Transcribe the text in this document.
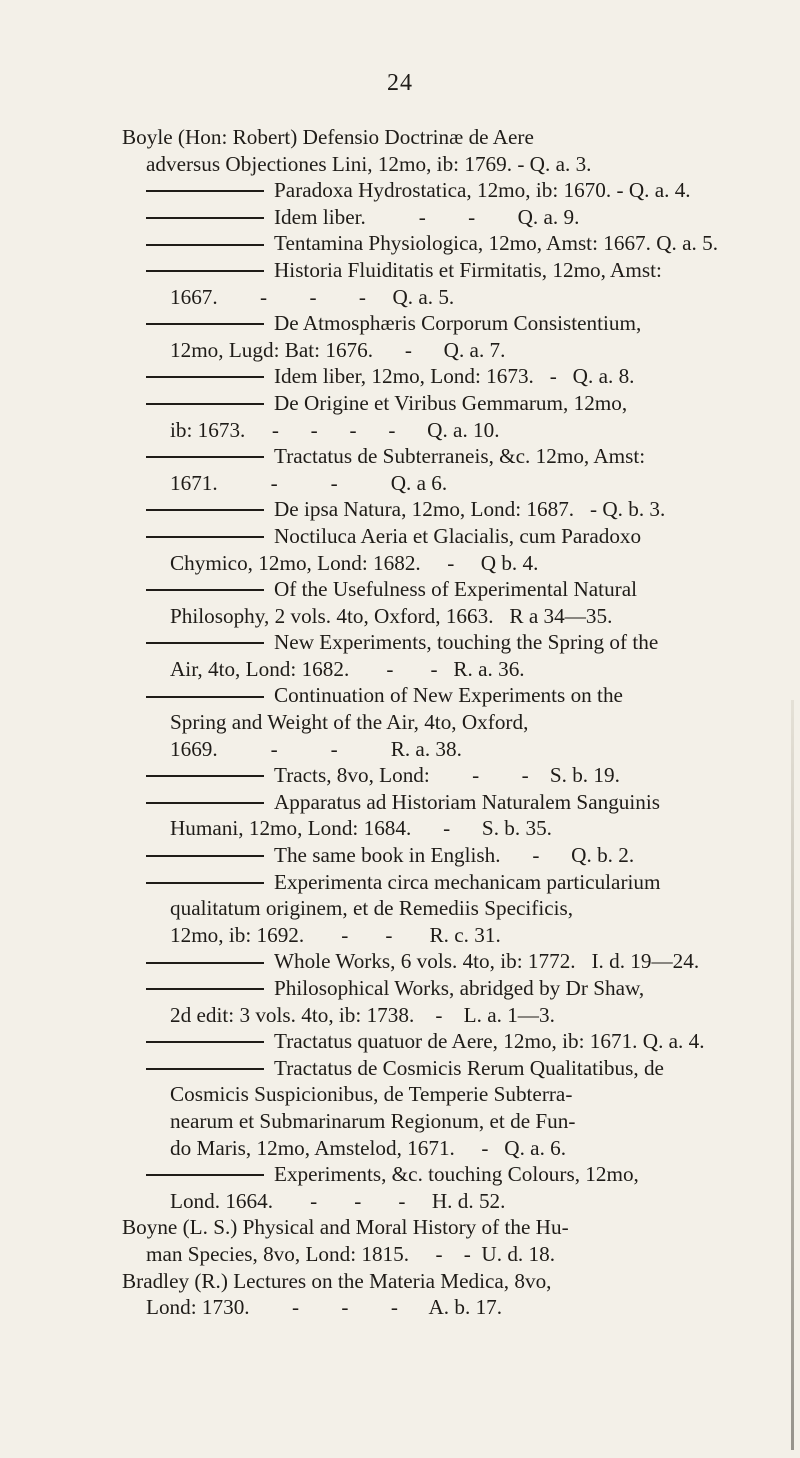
24
Boyle (Hon: Robert) Defensio Doctrinæ de Aere
adversus Objectiones Lini, 12mo, ib: 1769. - Q. a. 3.
Paradoxa Hydrostatica, 12mo, ib: 1670. - Q. a. 4.
Idem liber.          -        -        Q. a. 9.
Tentamina Physiologica, 12mo, Amst: 1667. Q. a. 5.
Historia Fluiditatis et Firmitatis, 12mo, Amst:
1667.        -        -        -     Q. a. 5.
De Atmosphæris Corporum Consistentium,
12mo, Lugd: Bat: 1676.      -      Q. a. 7.
Idem liber, 12mo, Lond: 1673.   -   Q. a. 8.
De Origine et Viribus Gemmarum, 12mo,
ib: 1673.     -      -      -      -      Q. a. 10.
Tractatus de Subterraneis, &c. 12mo, Amst:
1671.          -          -          Q. a 6.
De ipsa Natura, 12mo, Lond: 1687.   - Q. b. 3.
Noctiluca Aeria et Glacialis, cum Paradoxo
Chymico, 12mo, Lond: 1682.     -     Q b. 4.
Of the Usefulness of Experimental Natural
Philosophy, 2 vols. 4to, Oxford, 1663.   R a 34—35.
New Experiments, touching the Spring of the
Air, 4to, Lond: 1682.       -       -   R. a. 36.
Continuation of New Experiments on the
Spring and Weight of the Air, 4to, Oxford,
1669.          -          -          R. a. 38.
Tracts, 8vo, Lond:        -        -    S. b. 19.
Apparatus ad Historiam Naturalem Sanguinis
Humani, 12mo, Lond: 1684.      -      S. b. 35.
The same book in English.      -      Q. b. 2.
Experimenta circa mechanicam particularium
qualitatum originem, et de Remediis Specificis,
12mo, ib: 1692.       -       -       R. c. 31.
Whole Works, 6 vols. 4to, ib: 1772.   I. d. 19—24.
Philosophical Works, abridged by Dr Shaw,
2d edit: 3 vols. 4to, ib: 1738.    -    L. a. 1—3.
Tractatus quatuor de Aere, 12mo, ib: 1671. Q. a. 4.
Tractatus de Cosmicis Rerum Qualitatibus, de
Cosmicis Suspicionibus, de Temperie Subterra-
nearum et Submarinarum Regionum, et de Fun-
do Maris, 12mo, Amstelod, 1671.     -   Q. a. 6.
Experiments, &c. touching Colours, 12mo,
Lond. 1664.       -       -       -     H. d. 52.
Boyne (L. S.) Physical and Moral History of the Hu-
man Species, 8vo, Lond: 1815.     -    -  U. d. 18.
Bradley (R.) Lectures on the Materia Medica, 8vo,
Lond: 1730.        -        -        -      A. b. 17.
